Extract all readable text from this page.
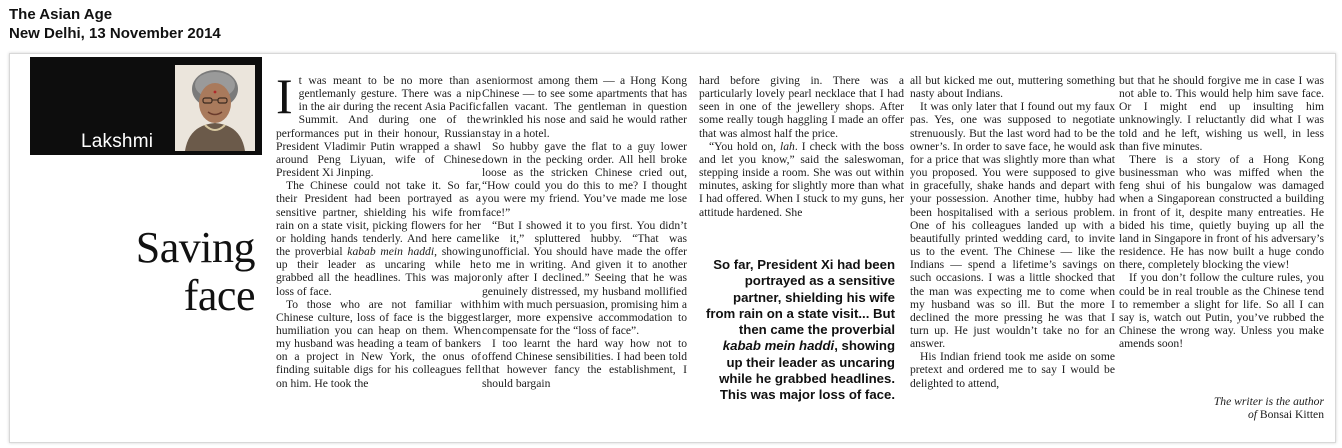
The Asian Age
New Delhi, 13 November 2014
Lakshmi
Narayan
Saving
face

It was meant to be no more than a gentlemanly gesture. There was a nip in the air during the recent Asia Pacific Summit. And during one of the performances put in their honour, Russian President Vladimir Putin wrapped a shawl around Peng Liyuan, wife of Chinese President Xi Jinping.

The Chinese could not take it. So far, their President had been portrayed as a sensitive partner, shielding his wife from rain on a state visit, picking flowers for her or holding hands tenderly. And here came the proverbial kabab mein haddi, showing up their leader as uncaring while he grabbed all the headlines. This was major loss of face.

To those who are not familiar with Chinese culture, loss of face is the biggest humiliation you can heap on them. When my husband was heading a team of bankers on a project in New York, the onus of finding suitable digs for his colleagues fell on him. He took the

seniormost among them — a Hong Kong Chinese — to see some apartments that has fallen vacant. The gentleman in question wrinkled his nose and said he would rather stay in a hotel.

So hubby gave the flat to a guy lower down in the pecking order. All hell broke loose as the stricken Chinese cried out, “How could you do this to me? I thought you were my friend. You’ve made me lose face!”

“But I showed it to you first. You didn’t like it,” spluttered hubby. “That was unofficial. You should have made the offer to me in writing. And given it to another only after I declined.” Seeing that he was genuinely distressed, my husband mollified him with much persuasion, promising him a larger, more expensive accommodation to compensate for the “loss of face”.

I too learnt the hard way how not to offend Chinese sensibilities. I had been told that however fancy the establishment, I should bargain

hard before giving in. There was a particularly lovely pearl necklace that I had seen in one of the jewellery shops. After some really tough haggling I made an offer that was almost half the price.

“You hold on, lah. I check with the boss and let you know,” said the saleswoman, stepping inside a room. She was out within minutes, asking for slightly more than what I had offered. When I stuck to my guns, her attitude hardened. She

So far, President Xi had been portrayed as a sensitive partner, shielding his wife from rain on a state visit... But then came the proverbial kabab mein haddi, showing up their leader as uncaring while he grabbed headlines. This was major loss of face.

all but kicked me out, muttering something nasty about Indians.

It was only later that I found out my faux pas. Yes, one was supposed to negotiate strenuously. But the last word had to be the owner’s. In order to save face, he would ask for a price that was slightly more than what you proposed. You were supposed to give in gracefully, shake hands and depart with your possession. Another time, hubby had been hospitalised with a serious problem. One of his colleagues landed up with a beautifully printed wedding card, to invite us to the event. The Chinese — like the Indians — spend a lifetime’s savings on such occasions. I was a little shocked that the man was expecting me to come when my husband was so ill. But the more I declined the more pressing he was that I turn up. He just wouldn’t take no for an answer.

His Indian friend took me aside on some pretext and ordered me to say I would be delighted to attend,

but that he should forgive me in case I was not able to. This would help him save face. Or I might end up insulting him unknowingly. I reluctantly did what I was told and he left, wishing us well, in less than five minutes.

There is a story of a Hong Kong businessman who was miffed when the feng shui of his bungalow was damaged when a Singaporean constructed a building in front of it, despite many entreaties. He bided his time, quietly buying up all the land in Singapore in front of his adversary’s residence. He has now built a huge condo there, completely blocking the view!

If you don’t follow the culture rules, you could be in real trouble as the Chinese tend to remember a slight for life. So all I can say is, watch out Putin, you’ve rubbed the Chinese the wrong way. Unless you make amends soon!

The writer is the author
of Bonsai Kitten
